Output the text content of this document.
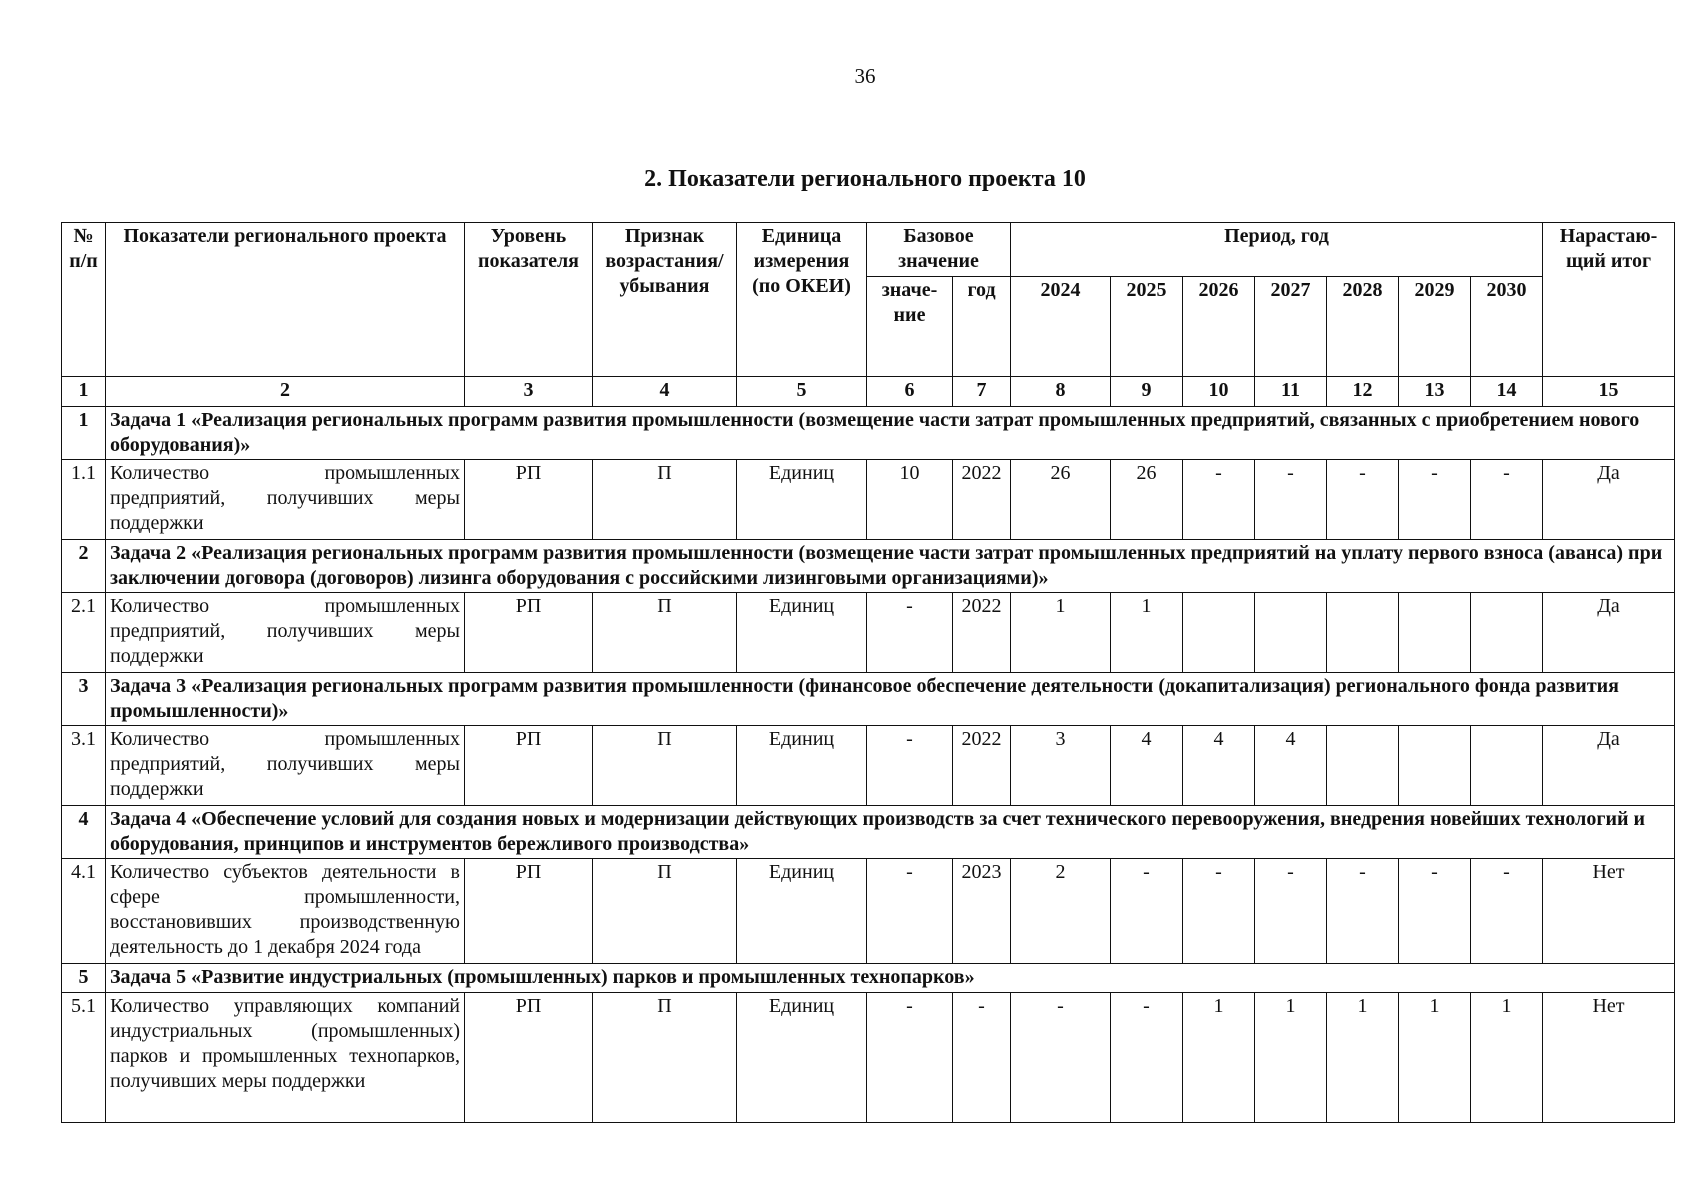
36
2. Показатели регионального проекта 10
№ п/п	Показатели регионального проекта	Уровень показателя	Признак возрастания/ убывания	Единица измерения (по ОКЕИ)	Базовое значение		Период, год							Нарастаю-щий итог
					значе-ние	год	2024	2025	2026	2027	2028	2029	2030	
1	2	3	4	5	6	7	8	9	10	11	12	13	14	15
1	Задача 1 «Реализация региональных программ развития промышленности (возмещение части затрат промышленных предприятий, связанных с приобретением нового оборудования)»													
1.1	Количество промышленных предприятий, получивших меры поддержки	РП	П	Единиц	10	2022	26	26	-	-	-	-	-	Да
2	Задача 2 «Реализация региональных программ развития промышленности (возмещение части затрат промышленных предприятий на уплату первого взноса (аванса) при заключении договора (договоров) лизинга оборудования с российскими лизинговыми организациями)»													
2.1	Количество промышленных предприятий, получивших меры поддержки	РП	П	Единиц	-	2022	1	1						Да
3	Задача 3 «Реализация региональных программ развития промышленности (финансовое обеспечение деятельности (докапитализация) регионального фонда развития промышленности)»													
3.1	Количество промышленных предприятий, получивших меры поддержки	РП	П	Единиц	-	2022	3	4	4	4				Да
4	Задача 4 «Обеспечение условий для создания новых и модернизации действующих производств за счет технического перевооружения, внедрения новейших технологий и оборудования, принципов и инструментов бережливого производства»													
4.1	Количество субъектов деятельности в сфере промышленности, восстановивших производственную деятельность до 1 декабря 2024 года	РП	П	Единиц	-	2023	2	-	-	-	-	-	-	Нет
5	Задача 5 «Развитие индустриальных (промышленных) парков и промышленных технопарков»													
5.1	Количество управляющих компаний индустриальных (промышленных) парков и промышленных технопарков, получивших меры поддержки	РП	П	Единиц	-	-	-	-	1	1	1	1	1	Нет
